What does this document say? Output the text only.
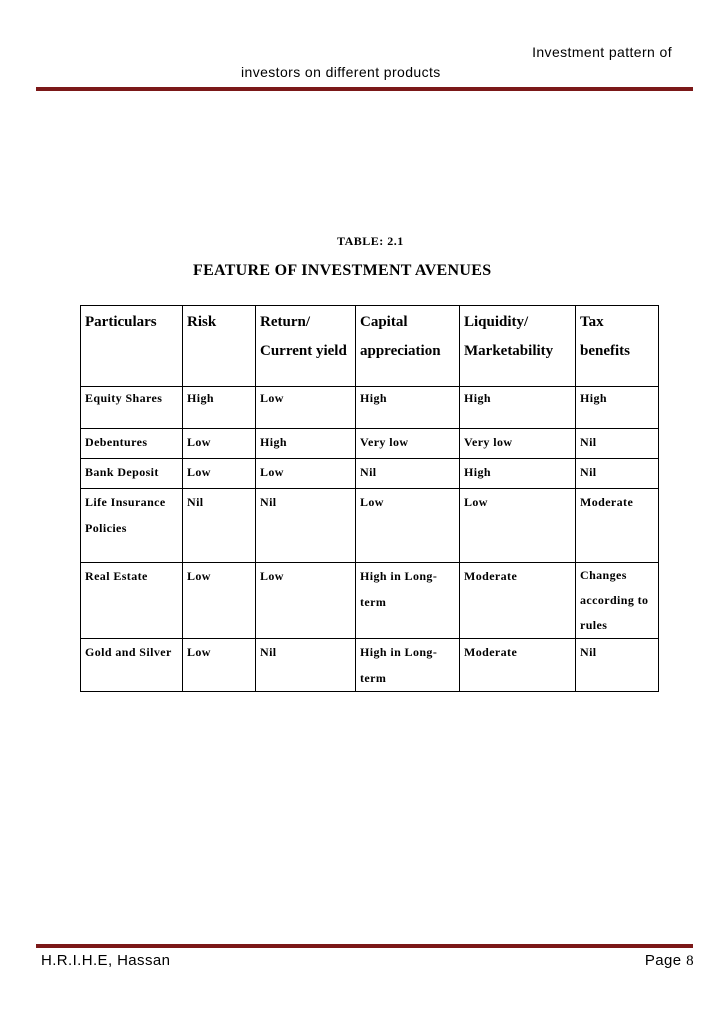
Investment pattern of
investors on different products
TABLE: 2.1
FEATURE OF INVESTMENT AVENUES
Particulars	Risk	Return/ Current yield	Capital appreciation	Liquidity/ Marketability	Tax benefits
Equity Shares	High	Low	High	High	High
Debentures	Low	High	Very low	Very low	Nil
Bank Deposit	Low	Low	Nil	High	Nil
Life Insurance Policies	Nil	Nil	Low	Low	Moderate
Real Estate	Low	Low	High in Long-term	Moderate	Changes according to rules
Gold and Silver	Low	Nil	High in Long-term	Moderate	Nil
H.R.I.H.E, Hassan	Page 8
